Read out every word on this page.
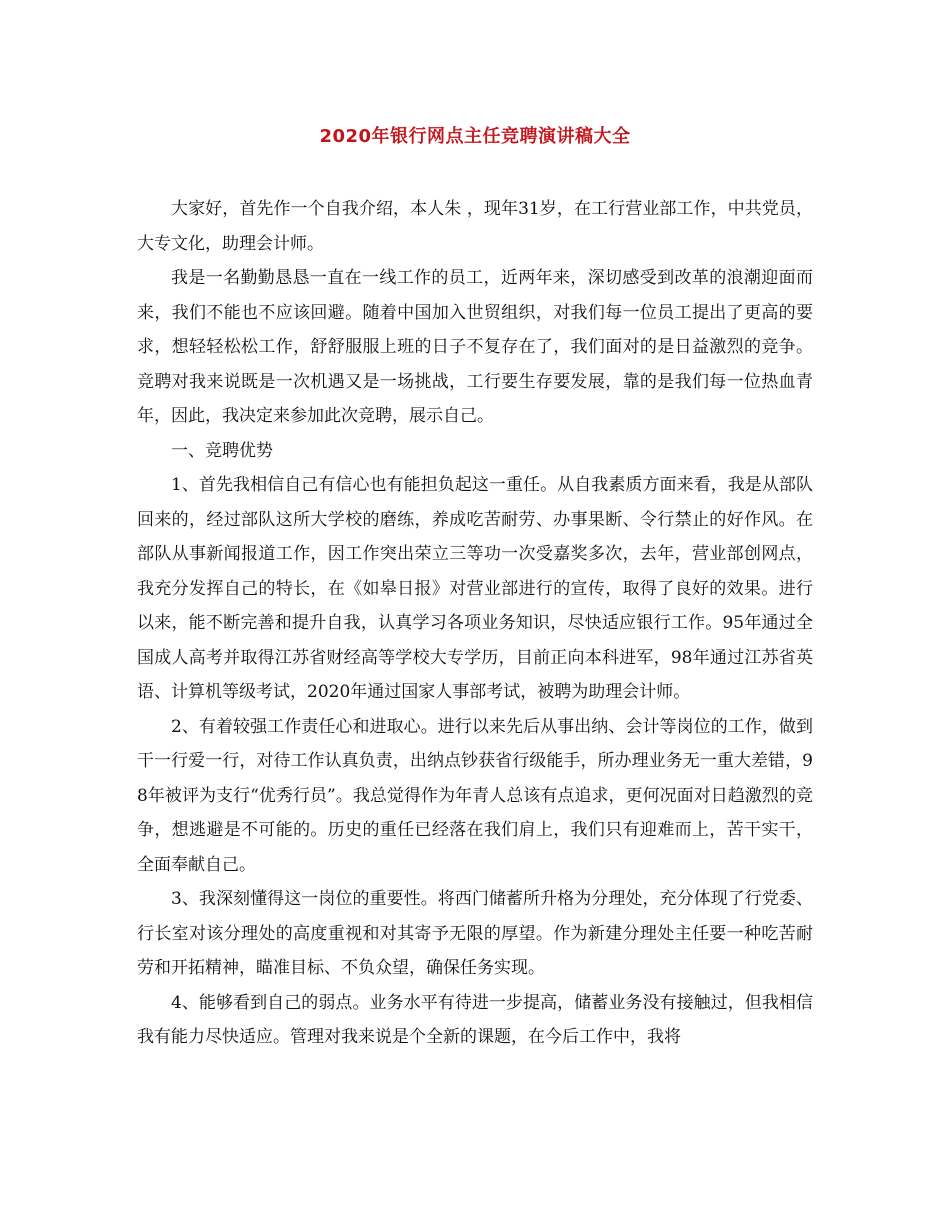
2020年银行网点主任竞聘演讲稿大全

大家好，首先作一个自我介绍，本人朱 ，现年31岁，在工行营业部工作，中共党员，大专文化，助理会计师。

我是一名勤勤恳恳一直在一线工作的员工，近两年来，深切感受到改革的浪潮迎面而来，我们不能也不应该回避。随着中国加入世贸组织，对我们每一位员工提出了更高的要求，想轻轻松松工作，舒舒服服上班的日子不复存在了，我们面对的是日益激烈的竞争。竞聘对我来说既是一次机遇又是一场挑战，工行要生存要发展，靠的是我们每一位热血青年，因此，我决定来参加此次竞聘，展示自己。

一、竞聘优势

1、首先我相信自己有信心也有能担负起这一重任。从自我素质方面来看，我是从部队回来的，经过部队这所大学校的磨练，养成吃苦耐劳、办事果断、令行禁止的好作风。在部队从事新闻报道工作，因工作突出荣立三等功一次受嘉奖多次，去年，营业部创网点，我充分发挥自己的特长，在《如皋日报》对营业部进行的宣传，取得了良好的效果。进行以来，能不断完善和提升自我，认真学习各项业务知识，尽快适应银行工作。95年通过全国成人高考并取得江苏省财经高等学校大专学历，目前正向本科进军，98年通过江苏省英语、计算机等级考试，2020年通过国家人事部考试，被聘为助理会计师。

2、有着较强工作责任心和进取心。进行以来先后从事出纳、会计等岗位的工作，做到干一行爱一行，对待工作认真负责，出纳点钞获省行级能手，所办理业务无一重大差错，98年被评为支行“优秀行员”。我总觉得作为年青人总该有点追求，更何况面对日趋激烈的竞争，想逃避是不可能的。历史的重任已经落在我们肩上，我们只有迎难而上，苦干实干，全面奉献自己。

3、我深刻懂得这一岗位的重要性。将西门储蓄所升格为分理处，充分体现了行党委、行长室对该分理处的高度重视和对其寄予无限的厚望。作为新建分理处主任要一种吃苦耐劳和开拓精神，瞄准目标、不负众望，确保任务实现。

4、能够看到自己的弱点。业务水平有待进一步提高，储蓄业务没有接触过，但我相信我有能力尽快适应。管理对我来说是个全新的课题，在今后工作中，我将
